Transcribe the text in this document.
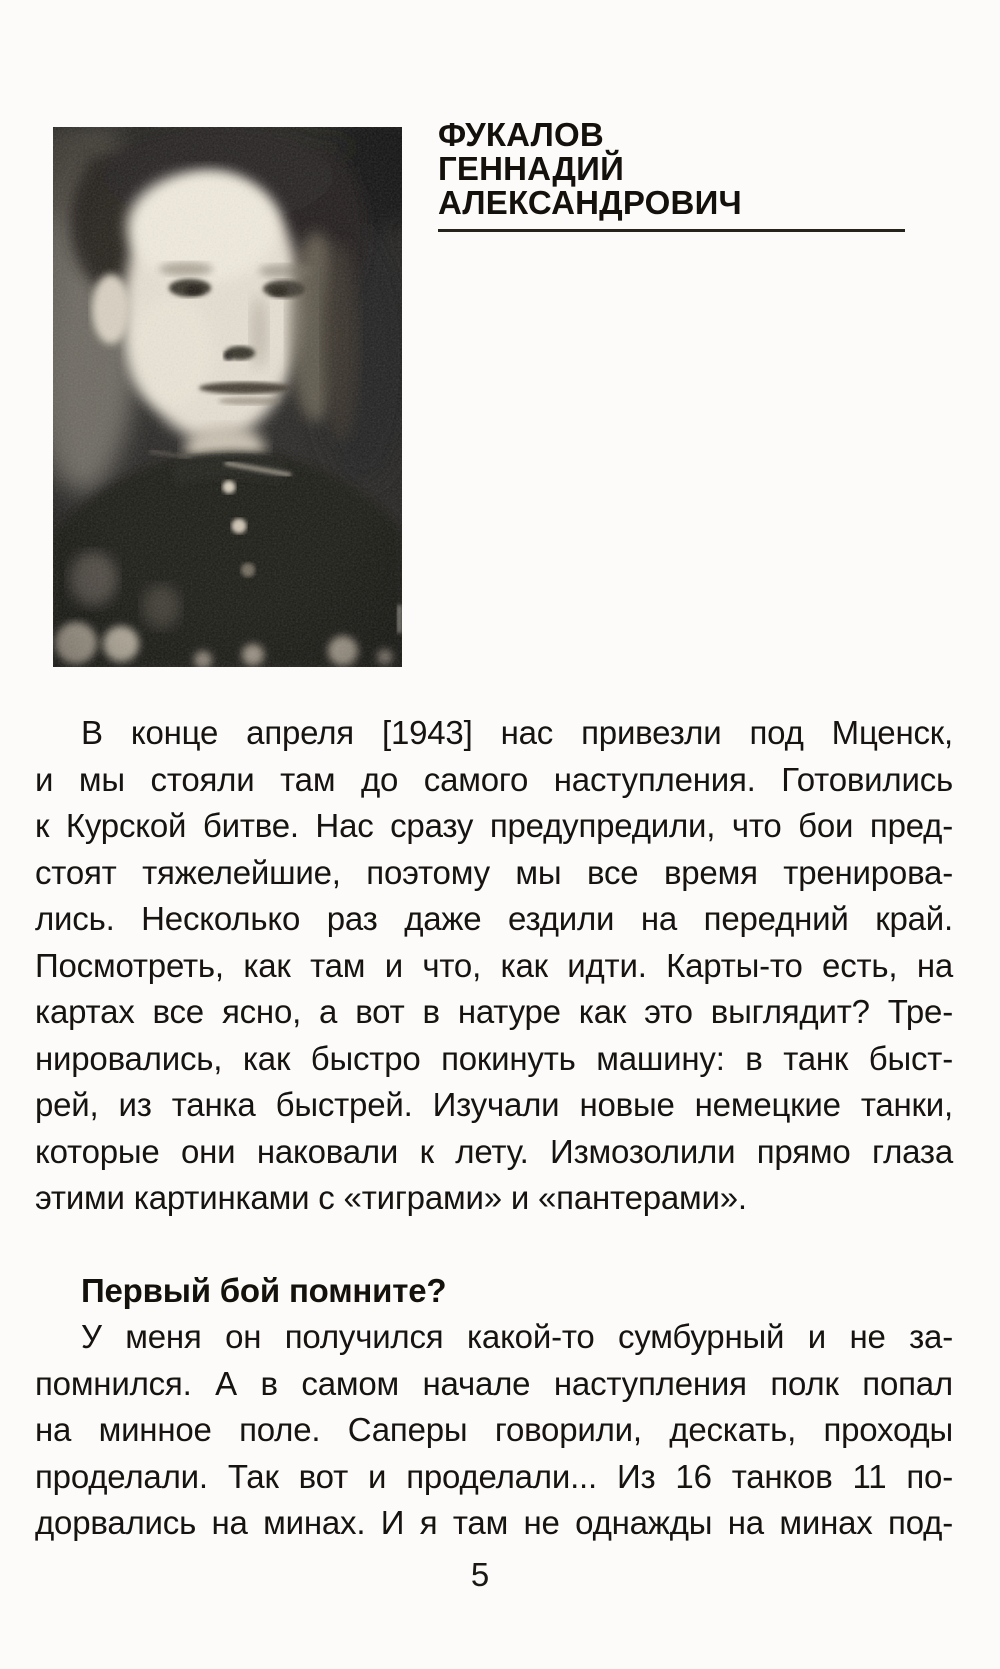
ФУКАЛОВ
ГЕННАДИЙ
АЛЕКСАНДРОВИЧ
В конце апреля [1943] нас привезли под Мценск,
и мы стояли там до самого наступления. Готовились
к Курской битве. Нас сразу предупредили, что бои пред-
стоят тяжелейшие, поэтому мы все время тренирова-
лись. Несколько раз даже ездили на передний край.
Посмотреть, как там и что, как идти. Карты-то есть, на
картах все ясно, а вот в натуре как это выглядит? Тре-
нировались, как быстро покинуть машину: в танк быст-
рей, из танка быстрей. Изучали новые немецкие танки,
которые они наковали к лету. Измозолили прямо глаза
этими картинками с «тиграми» и «пантерами».
Первый бой помните?
У меня он получился какой-то сумбурный и не за-
помнился. А в самом начале наступления полк попал
на минное поле. Саперы говорили, дескать, проходы
проделали. Так вот и проделали... Из 16 танков 11 по-
дорвались на минах. И я там не однажды на минах под-
5
